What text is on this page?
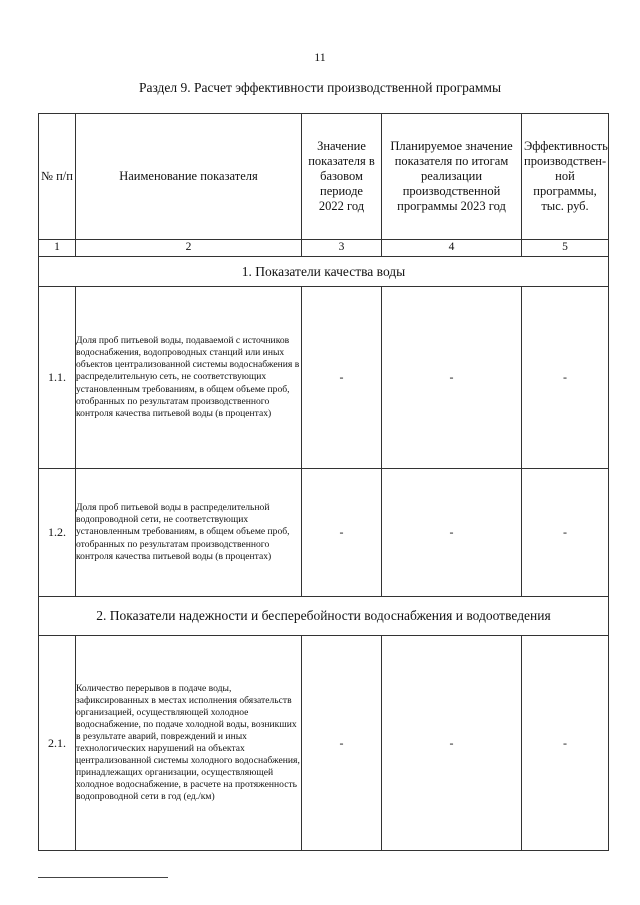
11
Раздел 9. Расчет эффективности производственной программы
№ п/п	Наименование показателя	Значение показателя в базовом периоде 2022 год	Планируемое значение показателя по итогам реализации производственной программы 2023 год	Эффективность производствен-ной программы, тыс. руб.
1	2	3	4	5
1. Показатели качества воды				
1.1.	Доля проб питьевой воды, подаваемой с источников водоснабжения, водопроводных станций или иных объектов централизованной системы водоснабжения в распределительную сеть, не соответствующих установленным требованиям, в общем объеме проб, отобранных по результатам производственного контроля качества питьевой воды (в процентах)	-	-	-
1.2.	Доля проб питьевой воды в распределительной водопроводной сети, не соответствующих установленным требованиям, в общем объеме проб, отобранных по результатам производственного контроля качества питьевой воды (в процентах)	-	-	-
2. Показатели надежности и бесперебойности водоснабжения и водоотведения				
2.1.	Количество перерывов в подаче воды, зафиксированных в местах исполнения обязательств организацией, осуществляющей холодное водоснабжение, по подаче холодной воды, возникших в результате аварий, повреждений и иных технологических нарушений на объектах централизованной системы холодного водоснабжения, принадлежащих организации, осуществляющей холодное водоснабжение, в расчете на протяженность водопроводной сети в год (ед./км)	-	-	-
